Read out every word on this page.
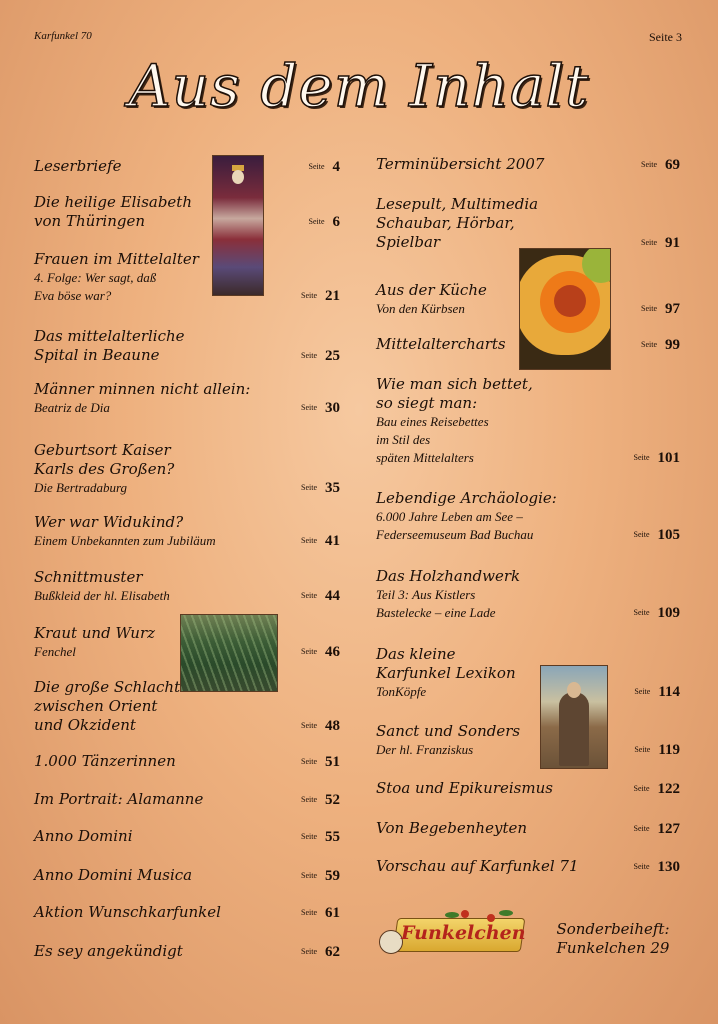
Karfunkel 70	Seite 3
Aus dem Inhalt
Leserbriefe	Seite 4
Die heilige Elisabeth
von Thüringen	Seite 6
Frauen im Mittelalter
4. Folge: Wer sagt, daß
Eva böse war?	Seite 21
Das mittelalterliche
Spital in Beaune	Seite 25
Männer minnen nicht allein:
Beatriz de Dia	Seite 30
Geburtsort Kaiser
Karls des Großen?
Die Bertradaburg	Seite 35
Wer war Widukind?
Einem Unbekannten zum Jubiläum	Seite 41
Schnittmuster
Bußkleid der hl. Elisabeth	Seite 44
Kraut und Wurz
Fenchel	Seite 46
Die große Schlacht
zwischen Orient
und Okzident	Seite 48
1.000 Tänzerinnen	Seite 51
Im Portrait: Alamanne	Seite 52
Anno Domini	Seite 55
Anno Domini Musica	Seite 59
Aktion Wunschkarfunkel	Seite 61
Es sey angekündigt	Seite 62
Terminübersicht 2007	Seite 69
Lesepult, Multimedia
Schaubar, Hörbar,
Spielbar	Seite 91
Aus der Küche
Von den Kürbsen	Seite 97
Mittelaltercharts	Seite 99
Wie man sich bettet,
so siegt man:
Bau eines Reisebettes
im Stil des
späten Mittelalters	Seite 101
Lebendige Archäologie:
6.000 Jahre Leben am See –
Federseemuseum Bad Buchau	Seite 105
Das Holzhandwerk
Teil 3: Aus Kistlers
Bastelecke – eine Lade	Seite 109
Das kleine
Karfunkel Lexikon
TonKöpfe	Seite 114
Sanct und Sonders
Der hl. Franziskus	Seite 119
Stoa und Epikureismus	Seite 122
Von Begebenheyten	Seite 127
Vorschau auf Karfunkel 71	Seite 130
Funkelchen	Sonderbeiheft:
Funkelchen 29
